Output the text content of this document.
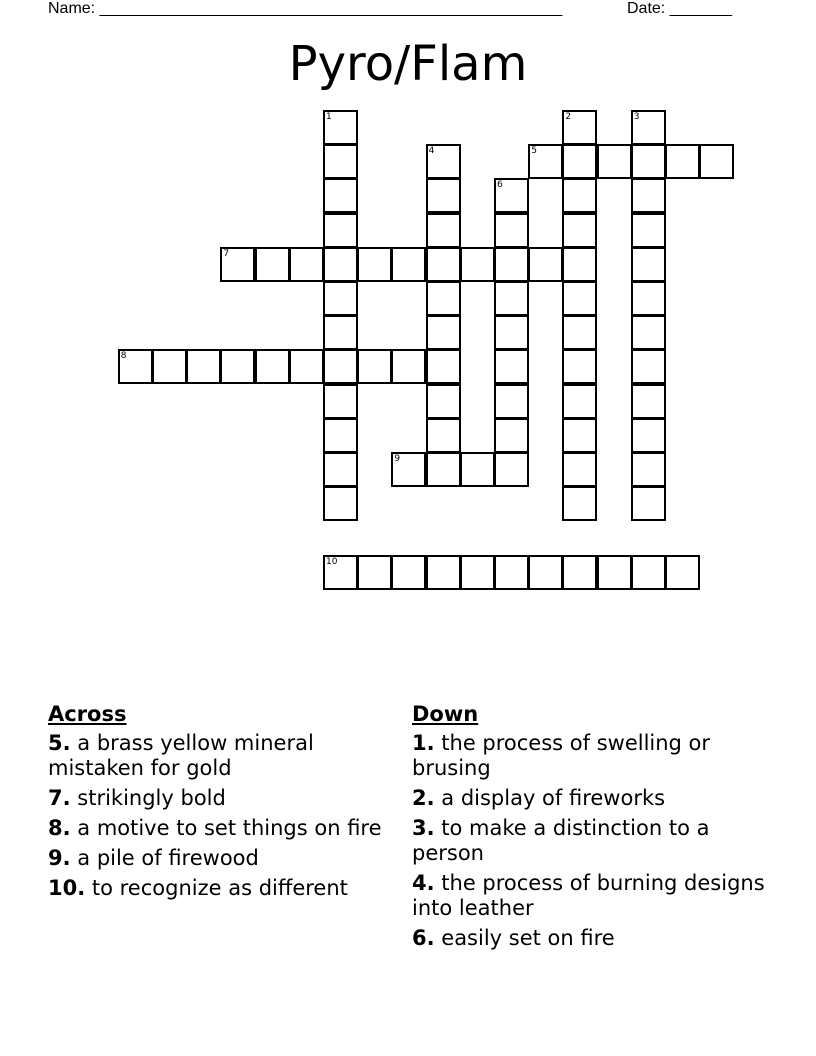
Name: ____________________________________________________	Date: _______
Pyro/Flam
1	2	3
4	5
6
7
8
9
10
Across
5. a brass yellow mineral mistaken for gold
7. strikingly bold
8. a motive to set things on fire
9. a pile of firewood
10. to recognize as different
Down
1. the process of swelling or brusing
2. a display of fireworks
3. to make a distinction to a person
4. the process of burning designs into leather
6. easily set on fire
